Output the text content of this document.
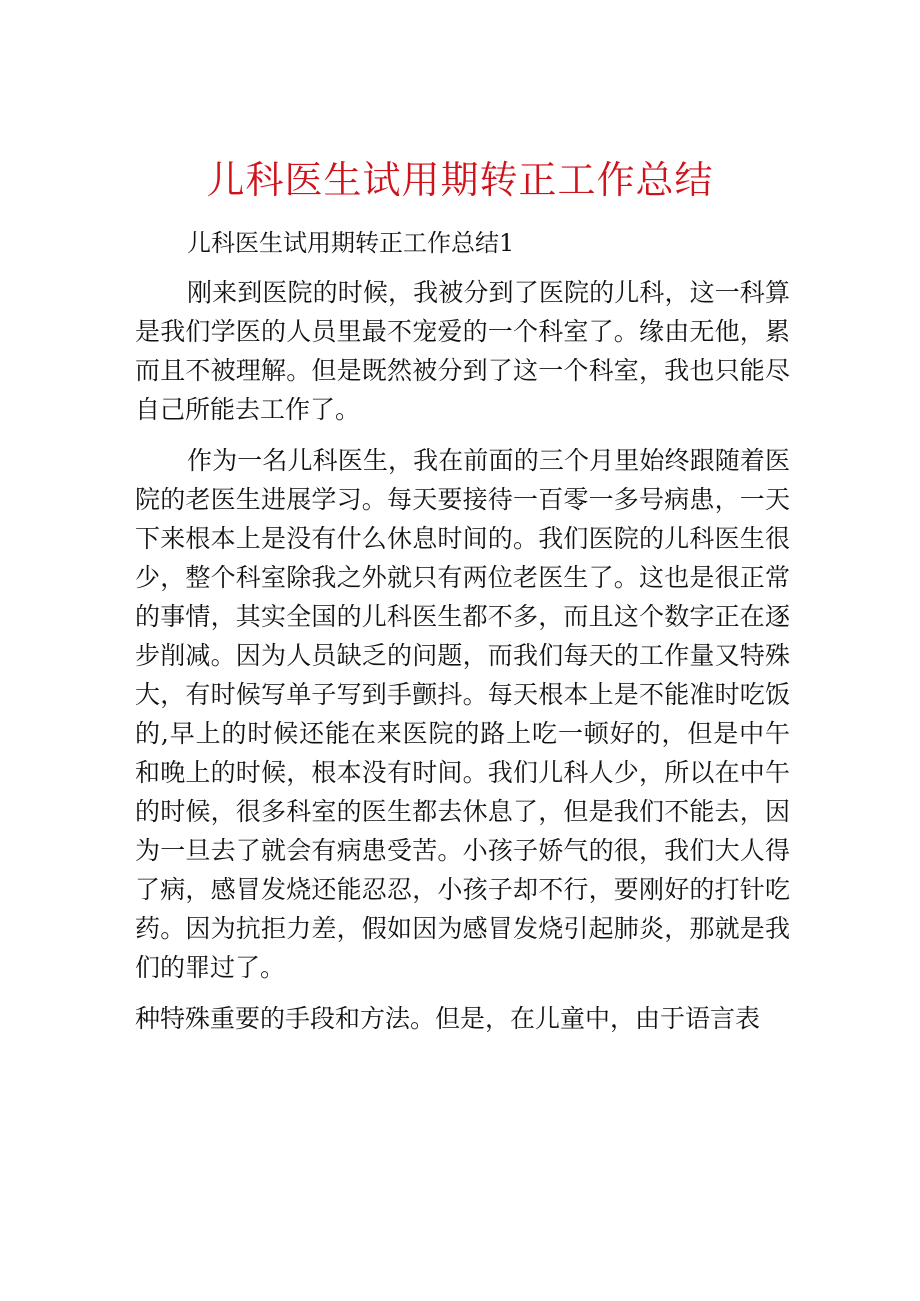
儿科医生试用期转正工作总结

儿科医生试用期转正工作总结1

刚来到医院的时候，我被分到了医院的儿科，这一科算是我们学医的人员里最不宠爱的一个科室了。缘由无他，累而且不被理解。但是既然被分到了这一个科室，我也只能尽自己所能去工作了。

作为一名儿科医生，我在前面的三个月里始终跟随着医院的老医生进展学习。每天要接待一百零一多号病患，一天下来根本上是没有什么休息时间的。我们医院的儿科医生很少，整个科室除我之外就只有两位老医生了。这也是很正常的事情，其实全国的儿科医生都不多，而且这个数字正在逐步削减。因为人员缺乏的问题，而我们每天的工作量又特殊大，有时候写单子写到手颤抖。每天根本上是不能准时吃饭的,早上的时候还能在来医院的路上吃一顿好的，但是中午和晚上的时候，根本没有时间。我们儿科人少，所以在中午的时候，很多科室的医生都去休息了，但是我们不能去，因为一旦去了就会有病患受苦。小孩子娇气的很，我们大人得了病，感冒发烧还能忍忍，小孩子却不行，要刚好的打针吃药。因为抗拒力差，假如因为感冒发烧引起肺炎，那就是我们的罪过了。

种特殊重要的手段和方法。但是，在儿童中，由于语言表
